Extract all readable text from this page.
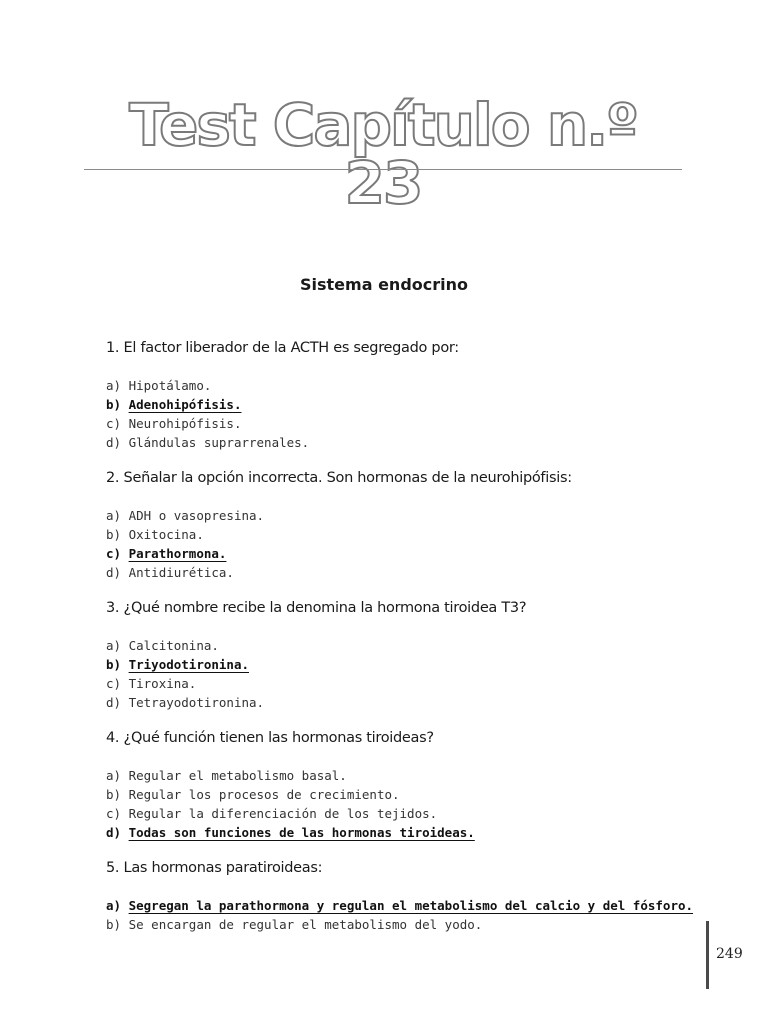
Test Capítulo n.º 23
Sistema endocrino

1. El factor liberador de la ACTH es segregado por:

a) Hipotálamo.
b) Adenohipófisis.
c) Neurohipófisis.
d) Glándulas suprarrenales.

2. Señalar la opción incorrecta. Son hormonas de la neurohipófisis:

a) ADH o vasopresina.
b) Oxitocina.
c) Parathormona.
d) Antidiurética.

3. ¿Qué nombre recibe la denomina la hormona tiroidea T3?

a) Calcitonina.
b) Triyodotironina.
c) Tiroxina.
d) Tetrayodotironina.

4. ¿Qué función tienen las hormonas tiroideas?

a) Regular el metabolismo basal.
b) Regular los procesos de crecimiento.
c) Regular la diferenciación de los tejidos.
d) Todas son funciones de las hormonas tiroideas.

5. Las hormonas paratiroideas:

a) Segregan la parathormona y regulan el metabolismo del calcio y del fósforo.
b) Se encargan de regular el metabolismo del yodo.
249
